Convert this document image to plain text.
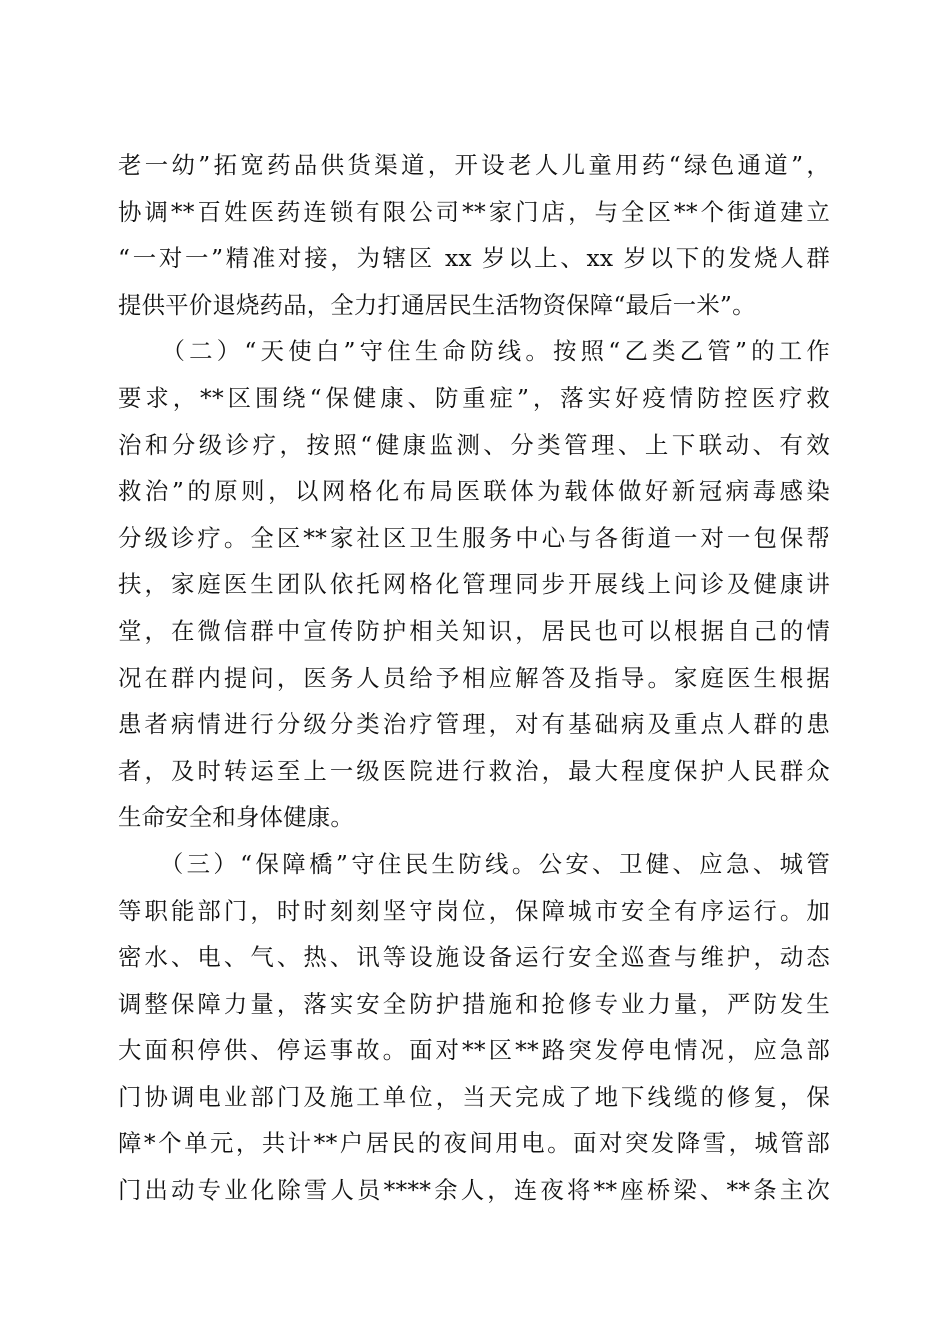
老一幼”拓宽药品供货渠道，开设老人儿童用药“绿色通道”，
协调**百姓医药连锁有限公司**家门店，与全区**个街道建立
“一对一”精准对接，为辖区 xx 岁以上、xx 岁以下的发烧人群
提供平价退烧药品，全力打通居民生活物资保障“最后一米”。
　　（二）“天使白”守住生命防线。按照“乙类乙管”的工作
要求，**区围绕“保健康、防重症”，落实好疫情防控医疗救
治和分级诊疗，按照“健康监测、分类管理、上下联动、有效
救治”的原则，以网格化布局医联体为载体做好新冠病毒感染
分级诊疗。全区**家社区卫生服务中心与各街道一对一包保帮
扶，家庭医生团队依托网格化管理同步开展线上问诊及健康讲
堂，在微信群中宣传防护相关知识，居民也可以根据自己的情
况在群内提问，医务人员给予相应解答及指导。家庭医生根据
患者病情进行分级分类治疗管理，对有基础病及重点人群的患
者，及时转运至上一级医院进行救治，最大程度保护人民群众
生命安全和身体健康。
　　（三）“保障橋”守住民生防线。公安、卫健、应急、城管
等职能部门，时时刻刻坚守岗位，保障城市安全有序运行。加
密水、电、气、热、讯等设施设备运行安全巡查与维护，动态
调整保障力量，落实安全防护措施和抢修专业力量，严防发生
大面积停供、停运事故。面对**区**路突发停电情况，应急部
门协调电业部门及施工单位，当天完成了地下线缆的修复，保
障*个单元，共计**户居民的夜间用电。面对突发降雪，城管部
门出动专业化除雪人员****余人，连夜将**座桥梁、**条主次
